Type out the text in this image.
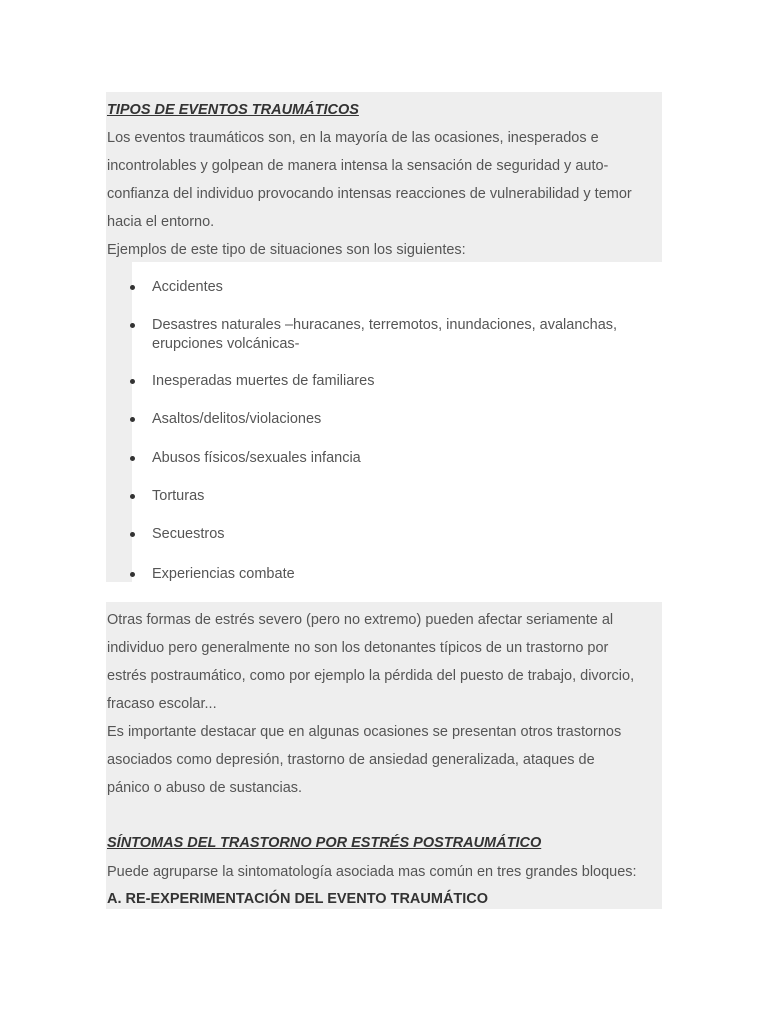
TIPOS DE EVENTOS TRAUMÁTICOS
Los eventos traumáticos son, en la mayoría de las ocasiones, inesperados e
incontrolables y golpean de manera intensa la sensación de seguridad y auto-
confianza del individuo provocando intensas reacciones de vulnerabilidad y temor
hacia el entorno.
Ejemplos de este tipo de situaciones son los siguientes:
Accidentes
Desastres naturales –huracanes, terremotos, inundaciones, avalanchas,
erupciones volcánicas-
Inesperadas muertes de familiares
Asaltos/delitos/violaciones
Abusos físicos/sexuales infancia
Torturas
Secuestros
Experiencias combate
Otras formas de estrés severo (pero no extremo) pueden afectar seriamente al
individuo pero generalmente no son los detonantes típicos de un trastorno por
estrés postraumático, como por ejemplo la pérdida del puesto de trabajo, divorcio,
fracaso escolar...
Es importante destacar que en algunas ocasiones se presentan otros trastornos
asociados como depresión, trastorno de ansiedad generalizada, ataques de
pánico o abuso de sustancias.
SÍNTOMAS DEL TRASTORNO POR ESTRÉS POSTRAUMÁTICO
Puede agruparse la sintomatología asociada mas común en tres grandes bloques:
A. RE-EXPERIMENTACIÓN DEL EVENTO TRAUMÁTICO
